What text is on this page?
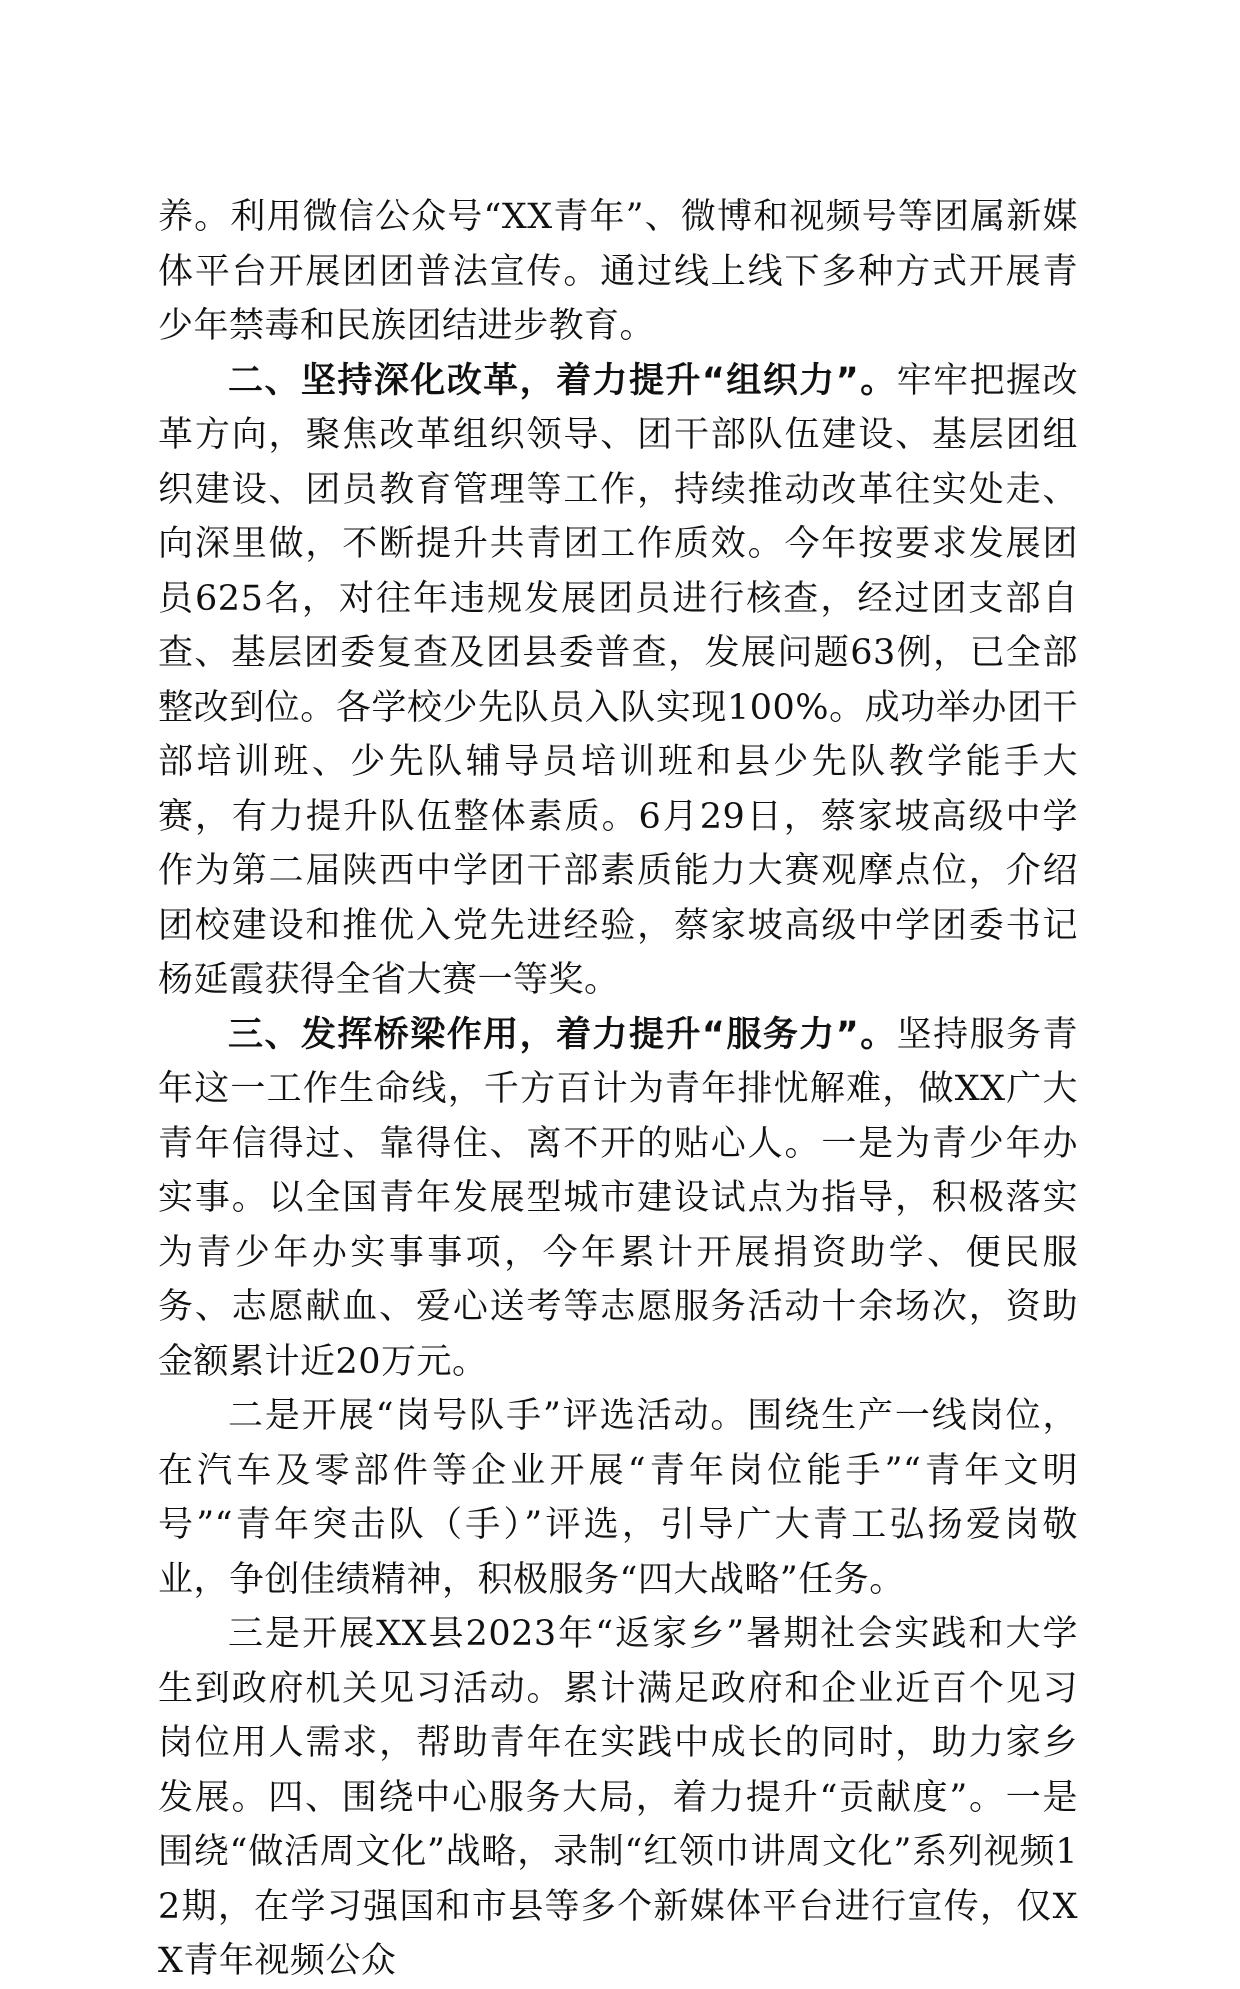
养。利用微信公众号“XX青年”、微博和视频号等团属新媒体平台开展团团普法宣传。通过线上线下多种方式开展青少年禁毒和民族团结进步教育。

二、坚持深化改革，着力提升“组织力”。牢牢把握改革方向，聚焦改革组织领导、团干部队伍建设、基层团组织建设、团员教育管理等工作，持续推动改革往实处走、向深里做，不断提升共青团工作质效。今年按要求发展团员625名，对往年违规发展团员进行核查，经过团支部自查、基层团委复查及团县委普查，发展问题63例，已全部整改到位。各学校少先队员入队实现100%。成功举办团干部培训班、少先队辅导员培训班和县少先队教学能手大赛，有力提升队伍整体素质。6月29日，蔡家坡高级中学作为第二届陕西中学团干部素质能力大赛观摩点位，介绍团校建设和推优入党先进经验，蔡家坡高级中学团委书记杨延霞获得全省大赛一等奖。

三、发挥桥梁作用，着力提升“服务力”。坚持服务青年这一工作生命线，千方百计为青年排忧解难，做XX广大青年信得过、靠得住、离不开的贴心人。一是为青少年办实事。以全国青年发展型城市建设试点为指导，积极落实为青少年办实事事项，今年累计开展捐资助学、便民服务、志愿献血、爱心送考等志愿服务活动十余场次，资助金额累计近20万元。

二是开展“岗号队手”评选活动。围绕生产一线岗位，在汽车及零部件等企业开展“青年岗位能手”“青年文明号”“青年突击队（手）”评选，引导广大青工弘扬爱岗敬业，争创佳绩精神，积极服务“四大战略”任务。

三是开展XX县2023年“返家乡”暑期社会实践和大学生到政府机关见习活动。累计满足政府和企业近百个见习岗位用人需求，帮助青年在实践中成长的同时，助力家乡发展。四、围绕中心服务大局，着力提升“贡献度”。一是围绕“做活周文化”战略，录制“红领巾讲周文化”系列视频12期，在学习强国和市县等多个新媒体平台进行宣传，仅XX青年视频公众
